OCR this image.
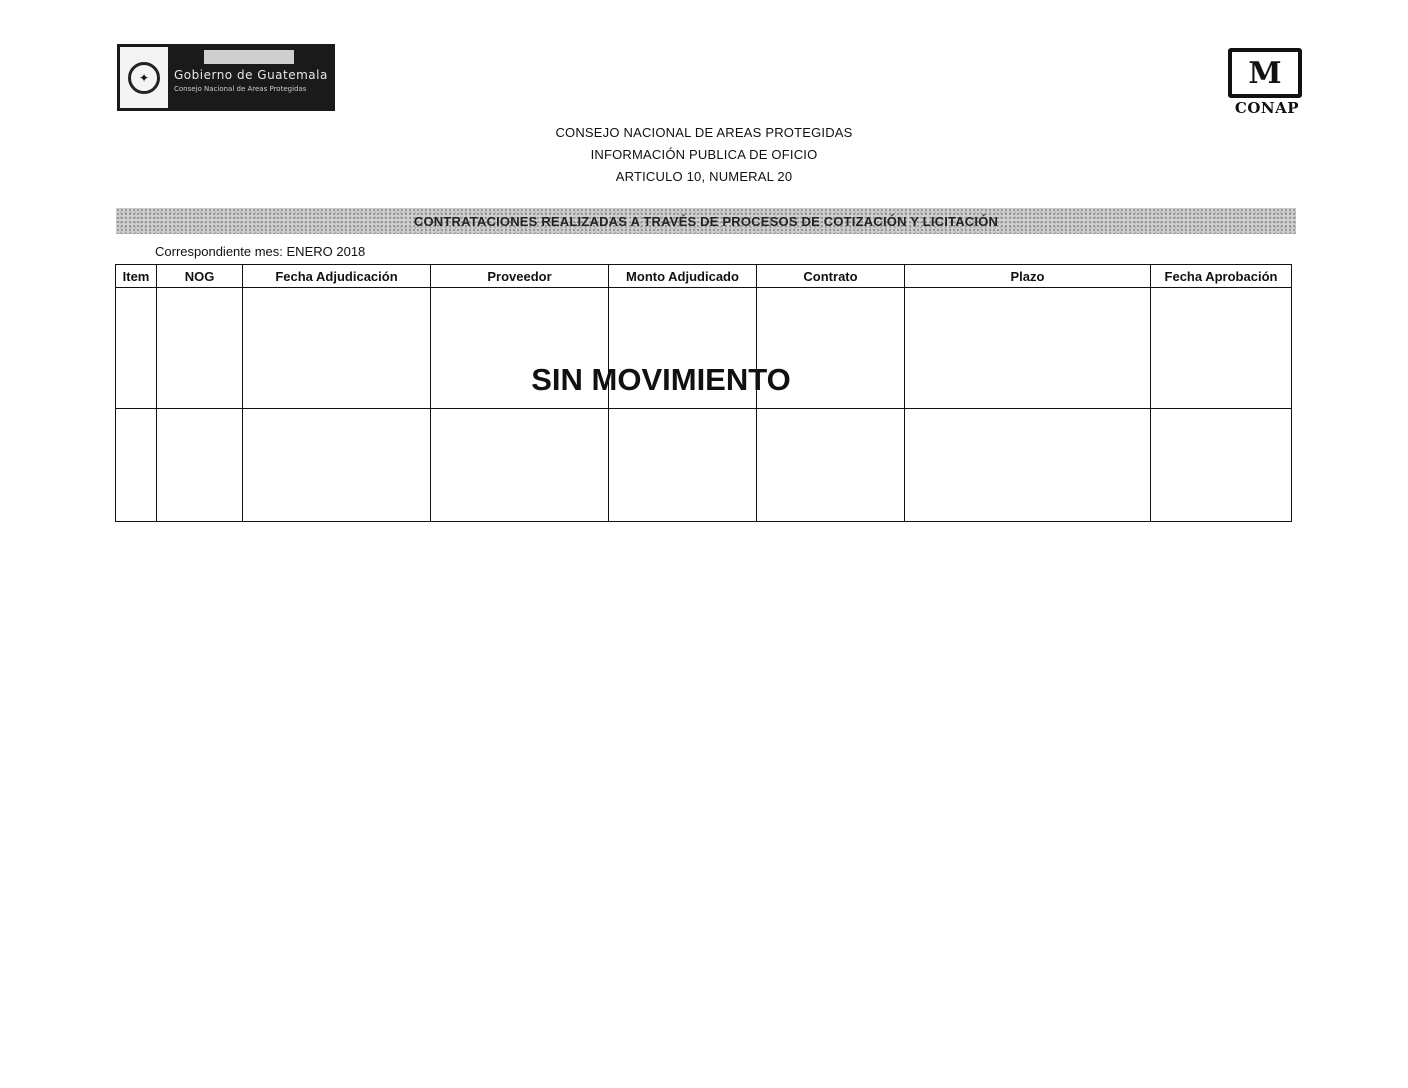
✦	Gobierno de Guatemala
Consejo Nacional de Areas Protegidas	M
CONAP
CONSEJO NACIONAL DE AREAS PROTEGIDAS
INFORMACIÓN PUBLICA DE OFICIO
ARTICULO 10, NUMERAL 20
CONTRATACIONES REALIZADAS A TRAVÉS DE PROCESOS DE COTIZACIÓN Y LICITACIÓN
Correspondiente mes: ENERO 2018
Item	NOG	Fecha Adjudicación	Proveedor	Monto Adjudicado	Contrato	Plazo	Fecha Aprobación

SIN MOVIMIENTO
